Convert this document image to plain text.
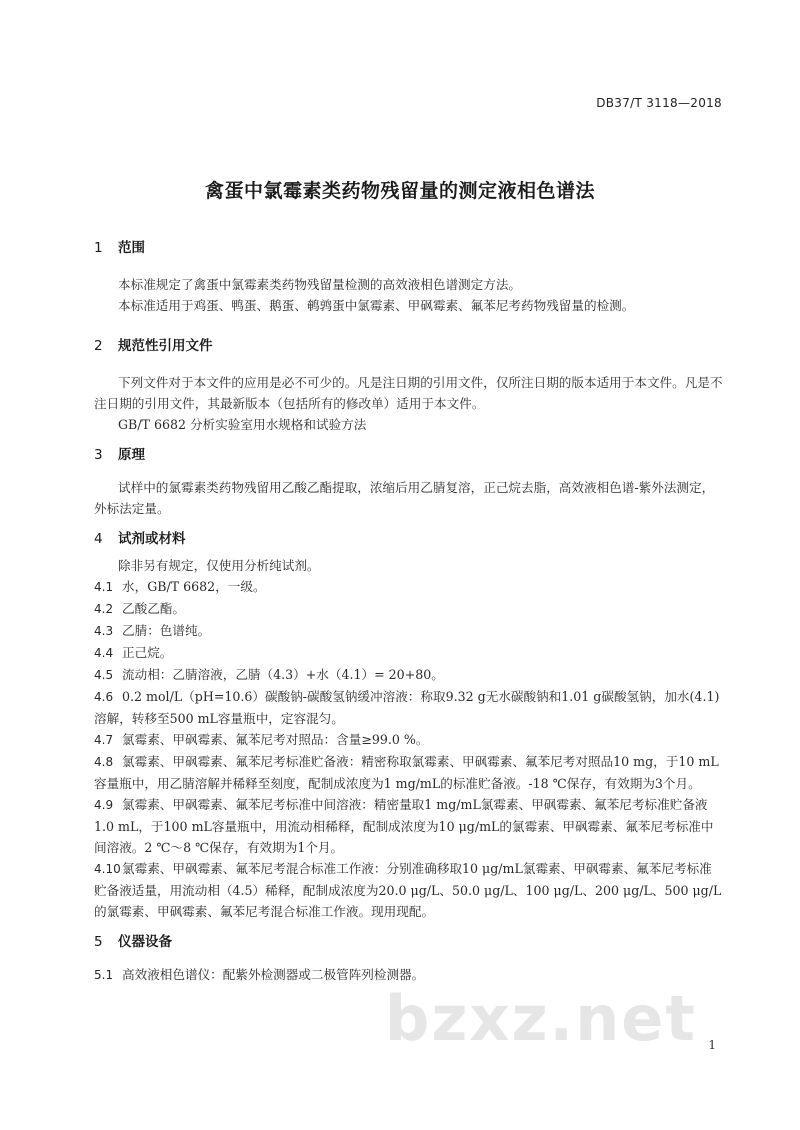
DB37/T 3118—2018
禽蛋中氯霉素类药物残留量的测定液相色谱法
1 范围

本标准规定了禽蛋中氯霉素类药物残留量检测的高效液相色谱测定方法。

本标准适用于鸡蛋、鸭蛋、鹅蛋、鹌鹑蛋中氯霉素、甲砜霉素、氟苯尼考药物残留量的检测。

2 规范性引用文件

下列文件对于本文件的应用是必不可少的。凡是注日期的引用文件，仅所注日期的版本适用于本文件。凡是不注日期的引用文件，其最新版本（包括所有的修改单）适用于本文件。

GB/T 6682 分析实验室用水规格和试验方法

3 原理

试样中的氯霉素类药物残留用乙酸乙酯提取，浓缩后用乙腈复溶，正己烷去脂，高效液相色谱-紫外法测定，外标法定量。

4 试剂或材料

除非另有规定，仅使用分析纯试剂。

4.1 水，GB/T 6682，一级。

4.2 乙酸乙酯。

4.3 乙腈：色谱纯。

4.4 正己烷。

4.5 流动相：乙腈溶液，乙腈（4.3）+水（4.1）= 20+80。

4.6 0.2 mol/L（pH=10.6）碳酸钠-碳酸氢钠缓冲溶液：称取9.32 g无水碳酸钠和1.01 g碳酸氢钠，加水(4.1)溶解，转移至500 mL容量瓶中，定容混匀。

4.7 氯霉素、甲砜霉素、氟苯尼考对照品：含量≥99.0 %。

4.8 氯霉素、甲砜霉素、氟苯尼考标准贮备液：精密称取氯霉素、甲砜霉素、氟苯尼考对照品10 mg，于10 mL容量瓶中，用乙腈溶解并稀释至刻度，配制成浓度为1 mg/mL的标准贮备液。-18 ℃保存，有效期为3个月。

4.9 氯霉素、甲砜霉素、氟苯尼考标准中间溶液：精密量取1 mg/mL氯霉素、甲砜霉素、氟苯尼考标准贮备液1.0 mL，于100 mL容量瓶中，用流动相稀释，配制成浓度为10 μg/mL的氯霉素、甲砜霉素、氟苯尼考标准中间溶液。2 ℃～8 ℃保存，有效期为1个月。

4.10氯霉素、甲砜霉素、氟苯尼考混合标准工作液：分别准确移取10 μg/mL氯霉素、甲砜霉素、氟苯尼考标准贮备液适量，用流动相（4.5）稀释，配制成浓度为20.0 μg/L、50.0 μg/L、100 μg/L、200 μg/L、500 μg/L的氯霉素、甲砜霉素、氟苯尼考混合标准工作液。现用现配。

5 仪器设备

5.1 高效液相色谱仪：配紫外检测器或二极管阵列检测器。

bzxz.net 1
